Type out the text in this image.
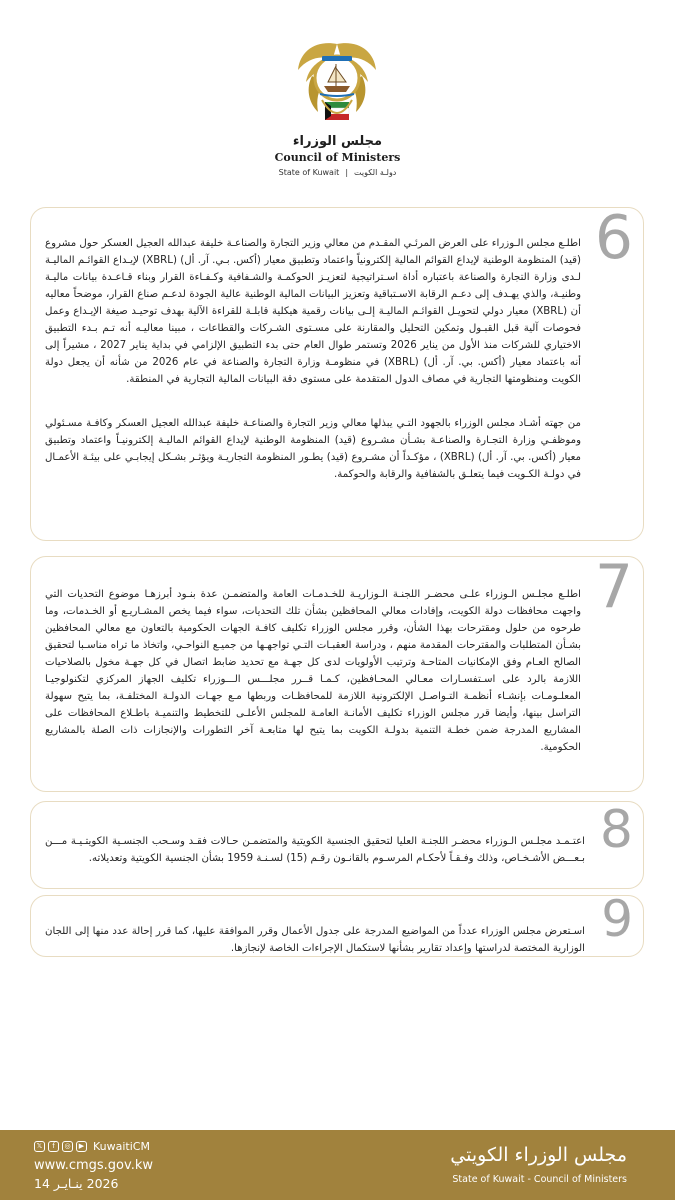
مجلس الوزراء
Council of Ministers
State of Kuwait | دولـة الكويت
6

اطلـع مجلس الـوزراء على العرض المرئـي المقـدم من معالي وزير التجارة والصناعـة خليفة عبدالله العجيل العسكر حول مشروع (قيد) المنظومة الوطنية لإيداع القوائم المالية إلكترونياً واعتماد وتطبيق معيار (أكس. بـي. آر. أل) (XBRL) لإيـداع القوائـم الماليـة لـدى وزارة التجارة والصناعة باعتباره أداة اسـتراتيجية لتعزيـز الحوكمـة والشـفافية وكـفـاءة القرار وبناء قـاعـدة بيانات ماليـة وطنيـة، والذي يهـدف إلى دعـم الرقابة الاسـتباقية وتعزيز البيانات المالية الوطنية عالية الجودة لدعـم صناع القرار، موضحاً معاليه أن (XBRL) معيار دولي لتحويـل القوائـم الماليـة إلـى بيانات رقمية هيكلية قابلـة للقراءة الآلية بهدف توحيـد صيغة الإيـداع وعمل فحوصات آلية قبل القبـول وتمكين التحليل والمقارنة على مسـتوى الشـركات والقطاعات ، مبينا معاليـه أنه تـم بـدء التطبيق الاختياري للشركات منذ الأول من يناير 2026 وتستمر طوال العام حتى بدء التطبيق الإلزامي في بداية يناير 2027 ، مشيراً إلى أنه باعتماد معيار (أكس. بي. آر. أل) (XBRL) في منظومـة وزارة التجارة والصناعة في عام 2026 من شأنه أن يجعل دولة الكويت ومنظومتها التجارية في مصاف الدول المتقدمة على مستوى دقة البيانات المالية التجارية في المنطقة.

من جهته أشـاد مجلس الوزراء بالجهود التـي يبذلها معالي وزير التجارة والصناعـة خليفة عبدالله العجيل العسكر وكافـة مسـئولي وموظفـي وزارة التجـارة والصناعـة بشـأن مشـروع (قيد) المنظومة الوطنية لإيداع القوائم الماليـة إلكترونيـاً واعتماد وتطبيق معيار (أكس. بي. آر. أل) (XBRL) ، مؤكـداً أن مشـروع (قيد) يطـور المنظومة التجاريـة ويؤثـر بشـكل إيجابـي على بيئـة الأعمـال في دولـة الكـويت فيما يتعلـق بالشفافية والرقابة والحوكمة.

7

اطلـع مجلـس الـوزراء علـى محضـر اللجنـة الـوزاريـة للخـدمـات العامة والمتضمـن عدة بنـود أبرزهـا موضوع التحديات التي واجهت محافظات دولة الكويت، وإفادات معالي المحافظين بشأن تلك التحديات، سواء فيما يخص المشـاريـع أو الخـدمات، وما طرحوه من حلول ومقترحات بهذا الشأن، وقرر مجلس الوزراء تكليف كافـة الجهات الحكومية بالتعاون مع معالي المحافظين بشـأن المتطلبات والمقترحات المقدمة منهم ، ودراسة العقبـات التـي تواجهـها من جميـع النواحـي، واتخاذ ما تراه مناسـبا لتحقيق الصالح العـام وفق الإمكانيات المتاحـة وترتيب الأولويات لدى كل جهـة مع تحديد ضابط اتصال في كل جهـة مخول بالصلاحيات اللازمة بالرد على اسـتفسـارات معـالي المحـافظين، كـمـا قــرر مجلـــس الـــوزراء تكليف الجهاز المركزي لتكنولوجيـا المعلـومـات بإنشـاء أنظمـة التـواصـل الإلكترونية اللازمة للمحافظـات وربطها مـع جهـات الدولـة المختلفـة، بما يتيح سهولة التراسل بينها، وأيضا قرر مجلس الوزراء تكليف الأمانـة العامـة للمجلس الأعلـى للتخطيط والتنميـة باطـلاع المحافظات على المشاريع المدرجة ضمن خطـة التنمية بدولـة الكويت بما يتيح لها متابعـة آخر التطورات والإنجازات ذات الصلة بالمشاريع الحكومية.

8

اعتـمـد مجلـس الـوزراء محضـر اللجنـة العليا لتحقيق الجنسية الكويتية والمتضمـن حـالات فقـد وسـحب الجنسـية الكويتـيـة مـــن بـعـــض الأشـخـاص، وذلك وفـقـاً لأحكـام المرسـوم بالقانـون رقـم (15) لسـنـة 1959 بشأن الجنسية الكويتية وتعديلاته.

9

اسـتعرض مجلس الوزراء عدداً من المواضيع المدرجة على جدول الأعمال وقرر الموافقة عليها، كما قرر إحالة عدد منها إلى اللجان الوزارية المختصة لدراستها وإعداد تقارير بشأنها لاستكمال الإجراءات الخاصة لإنجازها.

𝕏	f	◎	▶ KuwaitiCM
www.cmgs.gov.kw
14 ينـايـر 2026
مجلس الوزراء الكويتي
State of Kuwait - Council of Ministers
